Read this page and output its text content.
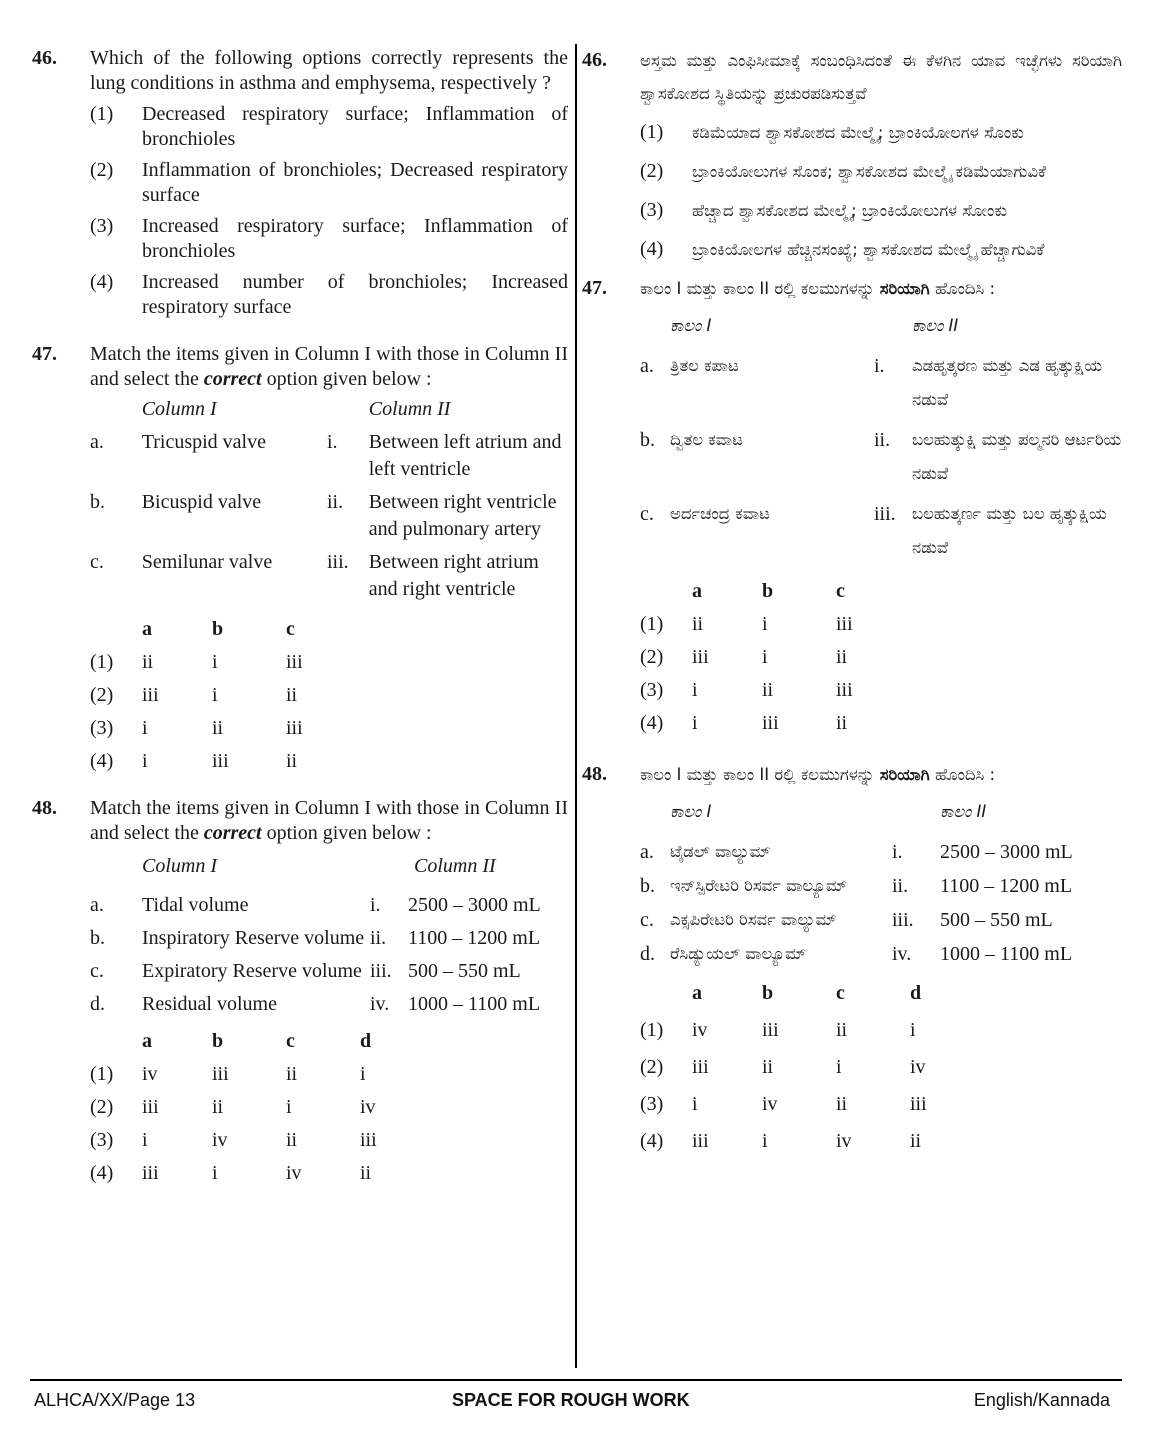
46. Which of the following options correctly represents the lung conditions in asthma and emphysema, respectively ?
(1)	Decreased respiratory surface; Inflammation of bronchioles
(2)	Inflammation of bronchioles; Decreased respiratory surface
(3)	Increased respiratory surface; Inflammation of bronchioles
(4)	Increased number of bronchioles; Increased respiratory surface
47. Match the items given in Column I with those in Column II and select the correct option given below :
	Column I		Column II
a.	Tricuspid valve	i.	Between left atrium and left ventricle
b.	Bicuspid valve	ii.	Between right ventricle and pulmonary artery
c.	Semilunar valve	iii.	Between right atrium and right ventricle
	a	b	c
(1)	ii	i	iii
(2)	iii	i	ii
(3)	i	ii	iii
(4)	i	iii	ii
48. Match the items given in Column I with those in Column II and select the correct option given below :
	Column I		Column II
a.	Tidal volume	i.	2500 – 3000 mL
b.	Inspiratory Reserve volume	ii.	1100 – 1200 mL
c.	Expiratory Reserve volume	iii.	500 – 550 mL
d.	Residual volume	iv.	1000 – 1100 mL
	a	b	c	d
(1)	iv	iii	ii	i
(2)	iii	ii	i	iv
(3)	i	iv	ii	iii
(4)	iii	i	iv	ii
46. ಅಸ್ತಮ ಮತ್ತು ಎಂಫಿಸೀಮಾಕ್ಕೆ ಸಂಬಂಧಿಸಿದಂತೆ ಈ ಕೆಳಗಿನ ಯಾವ ಇಚ್ಛೆಗಳು ಸರಿಯಾಗಿ ಶ್ವಾಸಕೋಶದ ಸ್ಥಿತಿಯನ್ನು ಪ್ರಚುರಪಡಿಸುತ್ತವೆ
(1)	ಕಡಿಮೆಯಾದ ಶ್ವಾಸಕೋಶದ ಮೇಲ್ಮೈ; ಬ್ರಾಂಕಿಯೋಲಗಳ ಸೊಂಕು
(2)	ಬ್ರಾಂಕಿಯೋಲುಗಳ ಸೊಂಕ; ಶ್ವಾಸಕೋಶದ ಮೇಲ್ಮೈ ಕಡಿಮೆಯಾಗುವಿಕೆ
(3)	ಹೆಚ್ಚಾದ ಶ್ವಾಸಕೋಶದ ಮೇಲ್ಮೈ; ಬ್ರಾಂಕಿಯೋಲುಗಳ ಸೋಂಕು
(4)	ಬ್ರಾಂಕಿಯೋಲಗಳ ಹೆಚ್ಚಿನಸಂಖ್ಯೆ; ಶ್ವಾಸಕೋಶದ ಮೇಲ್ಮೈ ಹೆಚ್ಚಾಗುವಿಕೆ
47. ಕಾಲಂ I ಮತ್ತು ಕಾಲಂ II ರಲ್ಲಿ ಕಲಮುಗಳನ್ನು ಸರಿಯಾಗಿ ಹೊಂದಿಸಿ :
	ಕಾಲಂ I		ಕಾಲಂ II
a.	ತ್ರಿತಲ ಕಪಾಟ	i.	ಎಡಹೃತ್ಕರಣ ಮತ್ತು ಎಡ ಹೃತ್ಕುಕ್ಷಿಯ ನಡುವೆ
b.	ದ್ವಿತಲ ಕವಾಟ	ii.	ಬಲಹುತ್ಕುಕ್ಷಿ ಮತ್ತು ಪಲ್ಮನರಿ ಆರ್ಟರಿಯ ನಡುವೆ
c.	ಅರ್ದಚಂದ್ರ ಕವಾಟ	iii.	ಬಲಹುತ್ಕರ್ಣ ಮತ್ತು ಬಲ ಹೃತ್ಕುಕ್ಷಿಯ ನಡುವೆ
	a	b	c
(1)	ii	i	iii
(2)	iii	i	ii
(3)	i	ii	iii
(4)	i	iii	ii
48. ಕಾಲಂ I ಮತ್ತು ಕಾಲಂ II ರಲ್ಲಿ ಕಲಮುಗಳನ್ನು ಸರಿಯಾಗಿ ಹೊಂದಿಸಿ :
	ಕಾಲಂ I		ಕಾಲಂ II
a.	ಟೈಡಲ್ ವಾಲ್ಯುಮ್	i.	2500 – 3000 mL
b.	ಇನ್‌ಸ್ಪಿರೇಟರಿ ರಿಸರ್ವ ವಾಲ್ಯೂಮ್	ii.	1100 – 1200 mL
c.	ಎಕ್ಸಪಿರೇಟರಿ ರಿಸರ್ವ ವಾಲ್ಯುಮ್	iii.	500 – 550 mL
d.	ರೆಸಿಡ್ಯುಯಲ್ ವಾಲ್ಯೂಮ್	iv.	1000 – 1100 mL
	a	b	c	d
(1)	iv	iii	ii	i
(2)	iii	ii	i	iv
(3)	i	iv	ii	iii
(4)	iii	i	iv	ii
ALHCA/XX/Page 13	SPACE FOR ROUGH WORK	English/Kannada
